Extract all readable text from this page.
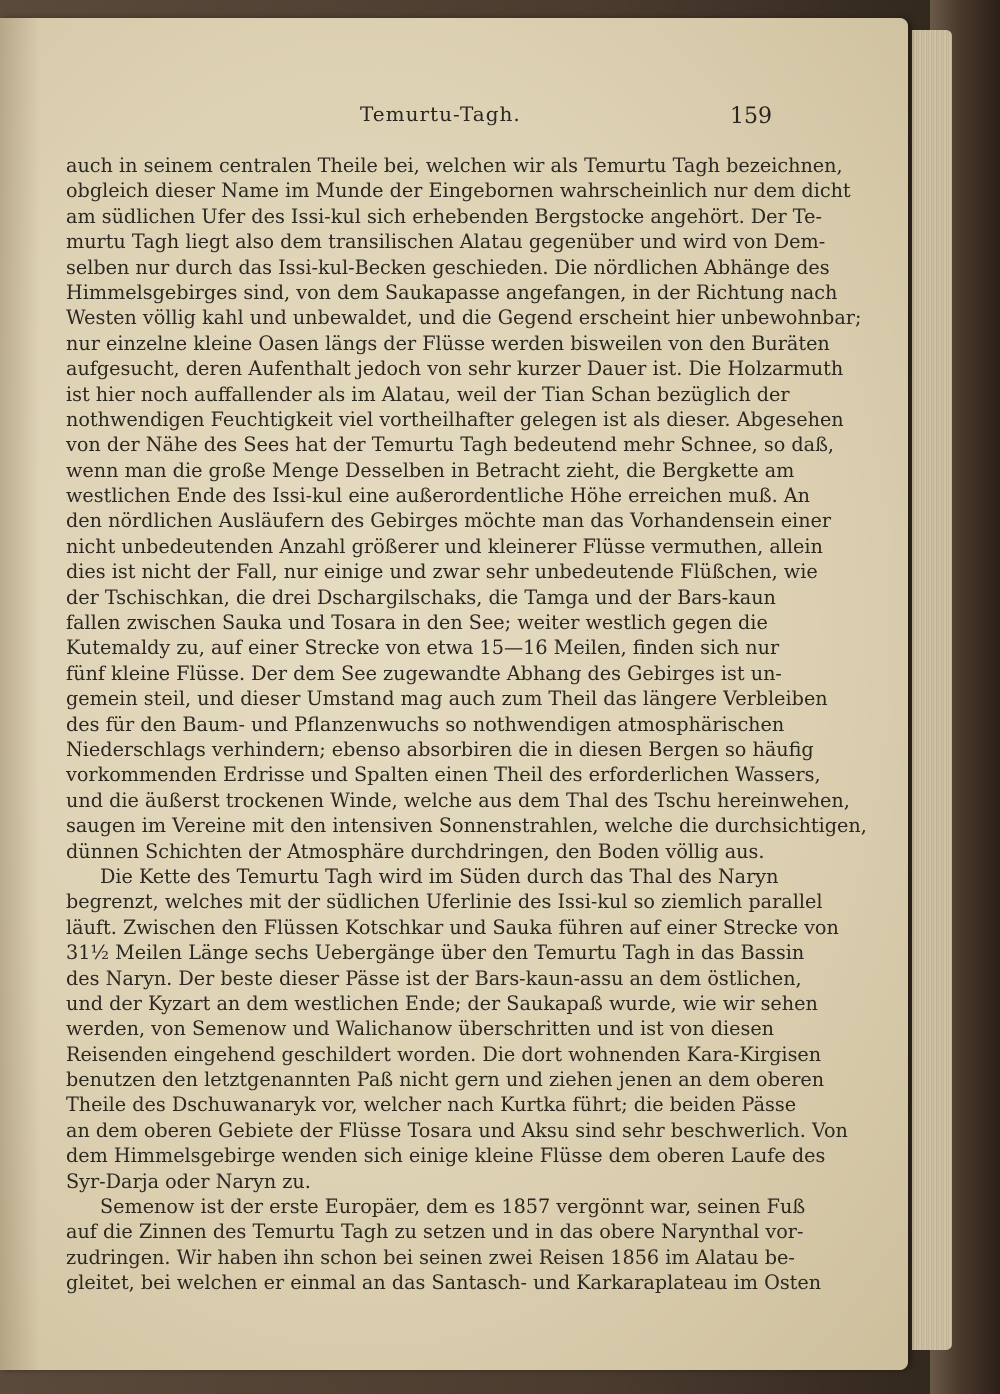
Temurtu-Tagh.	159
auch in seinem centralen Theile bei, welchen wir als Temurtu Tagh bezeichnen,
obgleich dieser Name im Munde der Eingebornen wahrscheinlich nur dem dicht
am südlichen Ufer des Issi-kul sich erhebenden Bergstocke angehört. Der Te-
murtu Tagh liegt also dem transilischen Alatau gegenüber und wird von Dem-
selben nur durch das Issi-kul-Becken geschieden. Die nördlichen Abhänge des
Himmelsgebirges sind, von dem Saukapasse angefangen, in der Richtung nach
Westen völlig kahl und unbewaldet, und die Gegend erscheint hier unbewohnbar;
nur einzelne kleine Oasen längs der Flüsse werden bisweilen von den Buräten
aufgesucht, deren Aufenthalt jedoch von sehr kurzer Dauer ist. Die Holzarmuth
ist hier noch auffallender als im Alatau, weil der Tian Schan bezüglich der
nothwendigen Feuchtigkeit viel vortheilhafter gelegen ist als dieser. Abgesehen
von der Nähe des Sees hat der Temurtu Tagh bedeutend mehr Schnee, so daß,
wenn man die große Menge Desselben in Betracht zieht, die Bergkette am
westlichen Ende des Issi-kul eine außerordentliche Höhe erreichen muß. An
den nördlichen Ausläufern des Gebirges möchte man das Vorhandensein einer
nicht unbedeutenden Anzahl größerer und kleinerer Flüsse vermuthen, allein
dies ist nicht der Fall, nur einige und zwar sehr unbedeutende Flüßchen, wie
der Tschischkan, die drei Dschargilschaks, die Tamga und der Bars-kaun
fallen zwischen Sauka und Tosara in den See; weiter westlich gegen die
Kutemaldy zu, auf einer Strecke von etwa 15—16 Meilen, finden sich nur
fünf kleine Flüsse. Der dem See zugewandte Abhang des Gebirges ist un-
gemein steil, und dieser Umstand mag auch zum Theil das längere Verbleiben
des für den Baum- und Pflanzenwuchs so nothwendigen atmosphärischen
Niederschlags verhindern; ebenso absorbiren die in diesen Bergen so häufig
vorkommenden Erdrisse und Spalten einen Theil des erforderlichen Wassers,
und die äußerst trockenen Winde, welche aus dem Thal des Tschu hereinwehen,
saugen im Vereine mit den intensiven Sonnenstrahlen, welche die durchsichtigen,
dünnen Schichten der Atmosphäre durchdringen, den Boden völlig aus.
Die Kette des Temurtu Tagh wird im Süden durch das Thal des Naryn
begrenzt, welches mit der südlichen Uferlinie des Issi-kul so ziemlich parallel
läuft. Zwischen den Flüssen Kotschkar und Sauka führen auf einer Strecke von
31½ Meilen Länge sechs Uebergänge über den Temurtu Tagh in das Bassin
des Naryn. Der beste dieser Pässe ist der Bars-kaun-assu an dem östlichen,
und der Kyzart an dem westlichen Ende; der Saukapaß wurde, wie wir sehen
werden, von Semenow und Walichanow überschritten und ist von diesen
Reisenden eingehend geschildert worden. Die dort wohnenden Kara-Kirgisen
benutzen den letztgenannten Paß nicht gern und ziehen jenen an dem oberen
Theile des Dschuwanaryk vor, welcher nach Kurtka führt; die beiden Pässe
an dem oberen Gebiete der Flüsse Tosara und Aksu sind sehr beschwerlich. Von
dem Himmelsgebirge wenden sich einige kleine Flüsse dem oberen Laufe des
Syr-Darja oder Naryn zu.
Semenow ist der erste Europäer, dem es 1857 vergönnt war, seinen Fuß
auf die Zinnen des Temurtu Tagh zu setzen und in das obere Narynthal vor-
zudringen. Wir haben ihn schon bei seinen zwei Reisen 1856 im Alatau be-
gleitet, bei welchen er einmal an das Santasch- und Karkaraplateau im Osten
